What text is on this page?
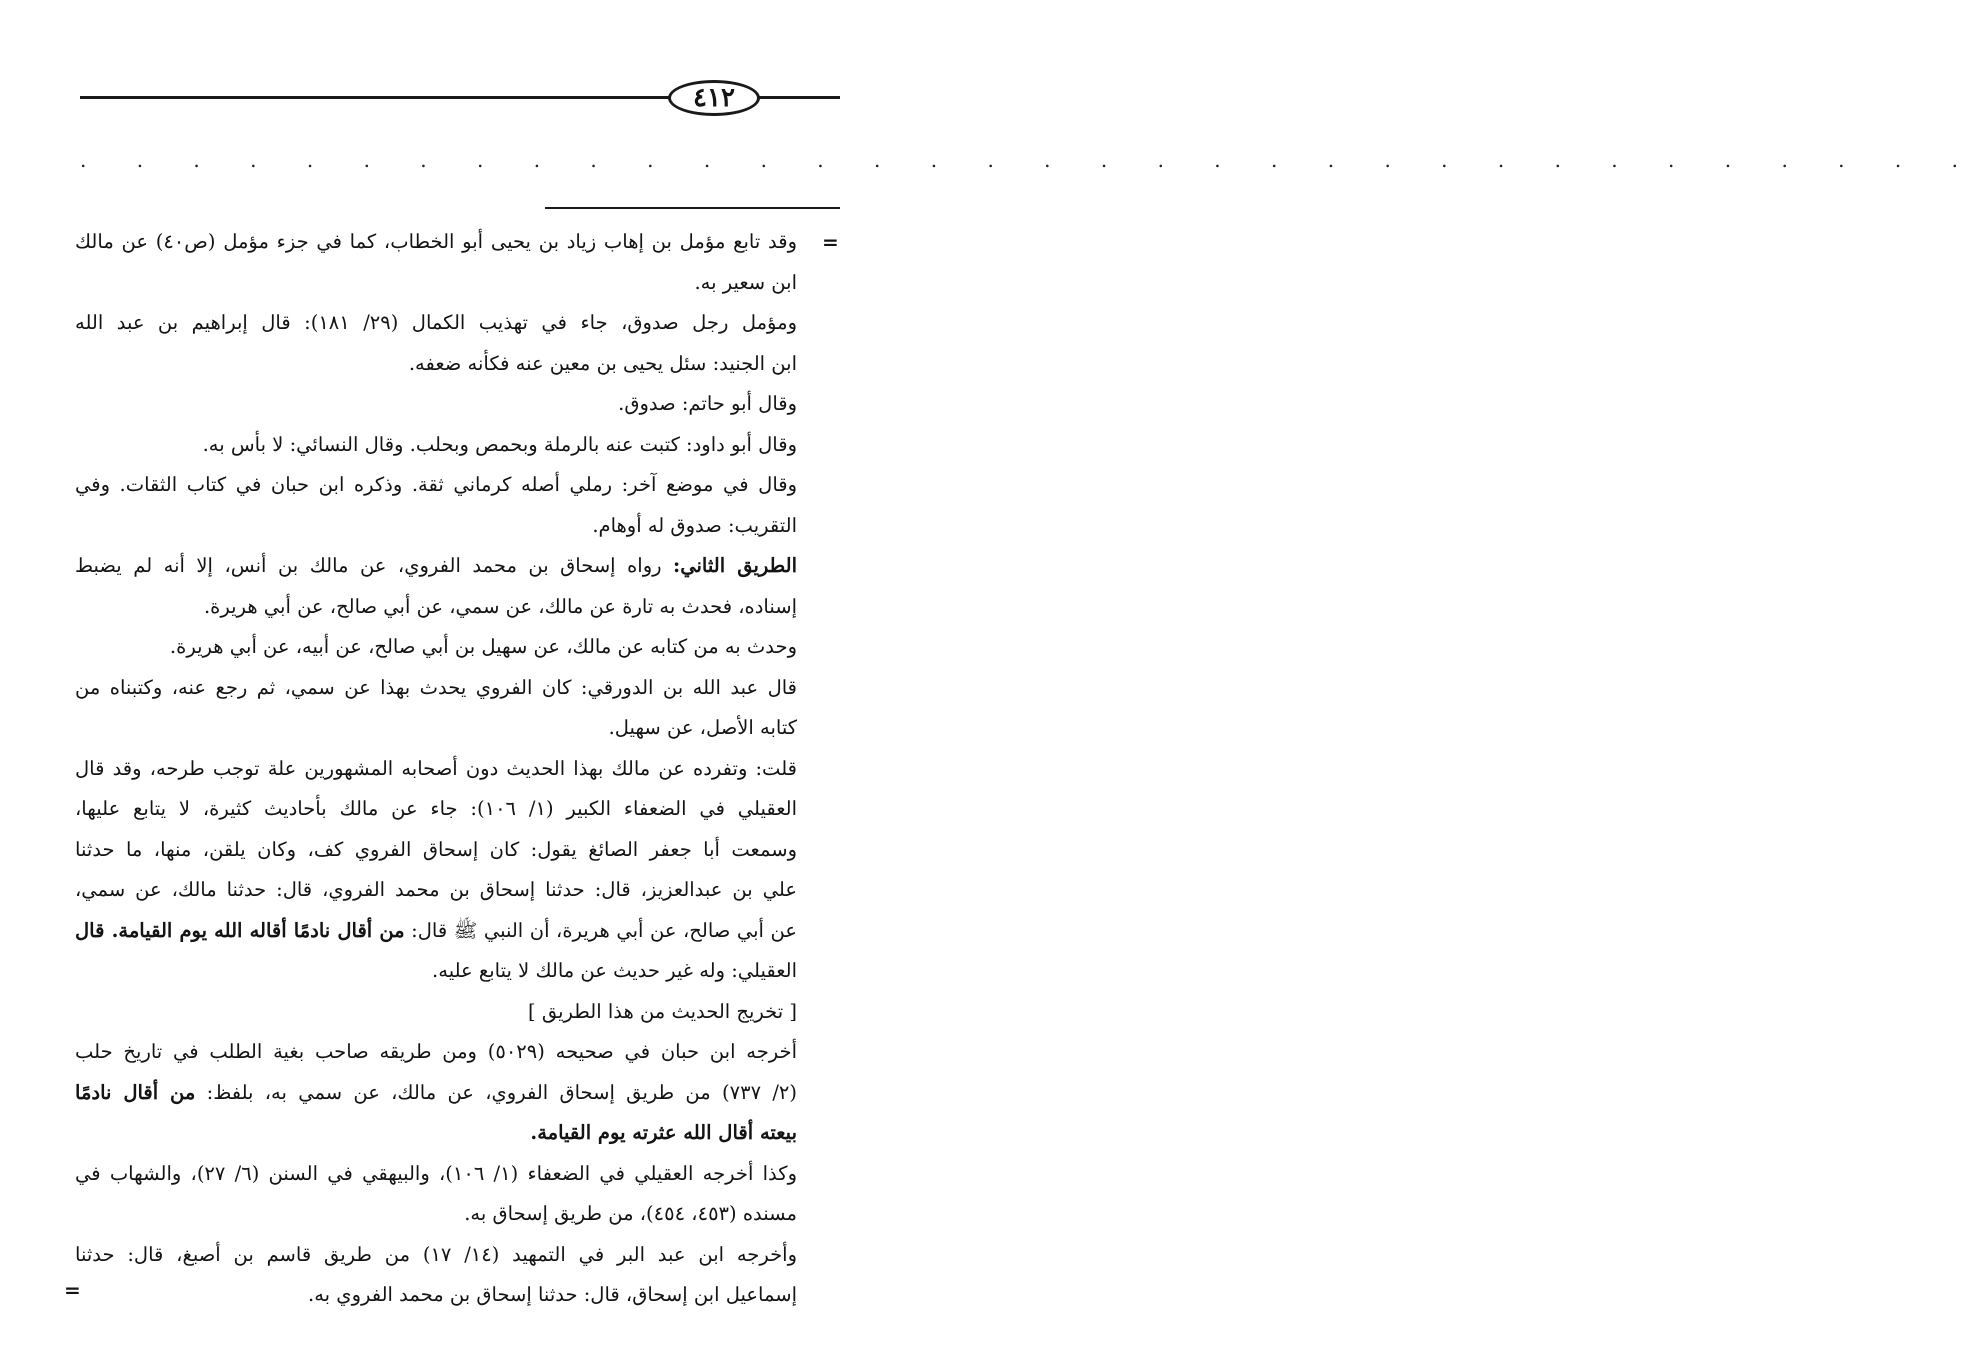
٤١٢
. . . . . . . . . . . . . . . . . . . . . . . . . . . . . . . . . .
=
=
وقد تابع مؤمل بن إهاب زياد بن يحيى أبو الخطاب، كما في جزء مؤمل (ص٤٠) عن مالك
ابن سعير به.
ومؤمل رجل صدوق، جاء في تهذيب الكمال (٢٩/ ١٨١): قال إبراهيم بن عبد الله
ابن الجنيد: سئل يحيى بن معين عنه فكأنه ضعفه.
وقال أبو حاتم: صدوق.
وقال أبو داود: كتبت عنه بالرملة وبحمص وبحلب. وقال النسائي: لا بأس به.
وقال في موضع آخر: رملي أصله كرماني ثقة. وذكره ابن حبان في كتاب الثقات. وفي
التقريب: صدوق له أوهام.
الطريق الثاني: رواه إسحاق بن محمد الفروي، عن مالك بن أنس، إلا أنه لم يضبط
إسناده، فحدث به تارة عن مالك، عن سمي، عن أبي صالح، عن أبي هريرة.
وحدث به من كتابه عن مالك، عن سهيل بن أبي صالح، عن أبيه، عن أبي هريرة.
قال عبد الله بن الدورقي: كان الفروي يحدث بهذا عن سمي، ثم رجع عنه، وكتبناه من
كتابه الأصل، عن سهيل.
قلت: وتفرده عن مالك بهذا الحديث دون أصحابه المشهورين علة توجب طرحه، وقد قال
العقيلي في الضعفاء الكبير (١/ ١٠٦): جاء عن مالك بأحاديث كثيرة، لا يتابع عليها،
وسمعت أبا جعفر الصائغ يقول: كان إسحاق الفروي كف، وكان يلقن، منها، ما حدثنا
علي بن عبدالعزيز، قال: حدثنا إسحاق بن محمد الفروي، قال: حدثنا مالك، عن سمي،
عن أبي صالح، عن أبي هريرة، أن النبي ﷺ قال: من أقال نادمًا أقاله الله يوم القيامة. قال
العقيلي: وله غير حديث عن مالك لا يتابع عليه.
[ تخريج الحديث من هذا الطريق ]
أخرجه ابن حبان في صحيحه (٥٠٢٩) ومن طريقه صاحب بغية الطلب في تاريخ حلب
(٢/ ٧٣٧) من طريق إسحاق الفروي، عن مالك، عن سمي به، بلفظ: من أقال نادمًا
بيعته أقال الله عثرته يوم القيامة.
وكذا أخرجه العقيلي في الضعفاء (١/ ١٠٦)، والبيهقي في السنن (٦/ ٢٧)، والشهاب في
مسنده (٤٥٣، ٤٥٤)، من طريق إسحاق به.
وأخرجه ابن عبد البر في التمهيد (١٤/ ١٧) من طريق قاسم بن أصبغ، قال: حدثنا
إسماعيل ابن إسحاق، قال: حدثنا إسحاق بن محمد الفروي به.
